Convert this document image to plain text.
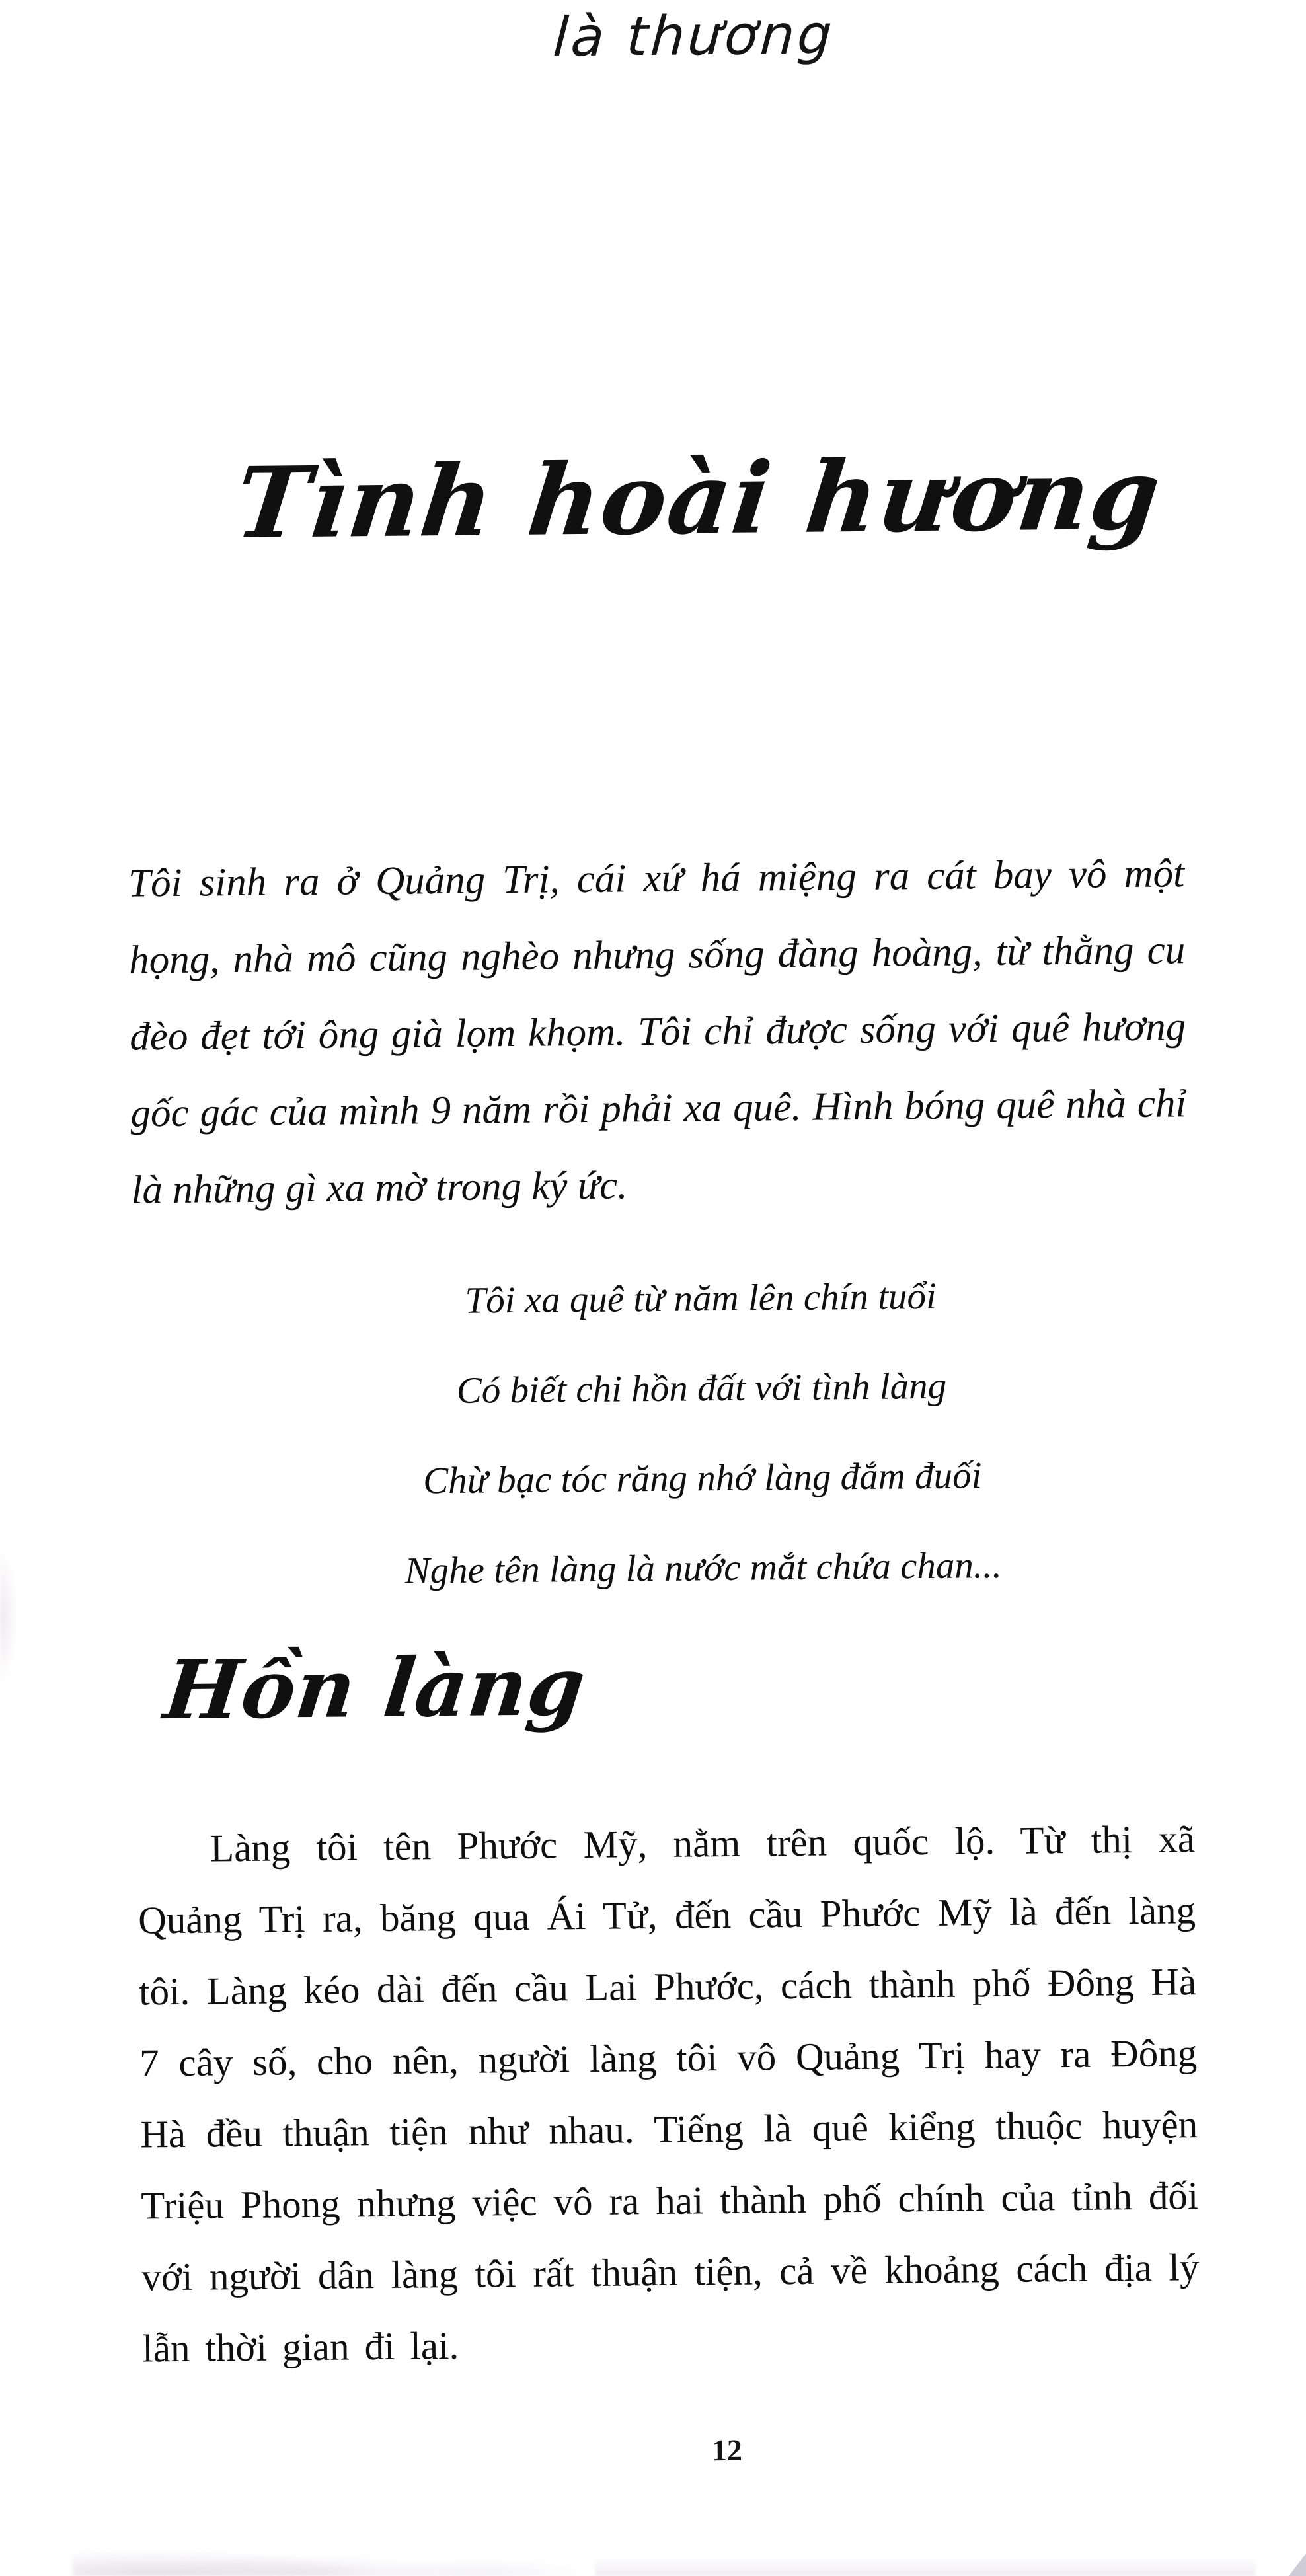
là thương
Tình hoài hương

Tôi sinh ra ở Quảng Trị, cái xứ há miệng ra cát bay vô một họng, nhà mô cũng nghèo nhưng sống đàng hoàng, từ thằng cu đèo đẹt tới ông già lọm khọm. Tôi chỉ được sống với quê hương gốc gác của mình 9 năm rồi phải xa quê. Hình bóng quê nhà chỉ là những gì xa mờ trong ký ức.

Tôi xa quê từ năm lên chín tuổi
Có biết chi hồn đất với tình làng
Chừ bạc tóc răng nhớ làng đắm đuối
Nghe tên làng là nước mắt chứa chan...
Hồn làng

Làng tôi tên Phước Mỹ, nằm trên quốc lộ. Từ thị xã Quảng Trị ra, băng qua Ái Tử, đến cầu Phước Mỹ là đến làng tôi. Làng kéo dài đến cầu Lai Phước, cách thành phố Đông Hà 7 cây số, cho nên, người làng tôi vô Quảng Trị hay ra Đông Hà đều thuận tiện như nhau. Tiếng là quê kiểng thuộc huyện Triệu Phong nhưng việc vô ra hai thành phố chính của tỉnh đối với người dân làng tôi rất thuận tiện, cả về khoảng cách địa lý lẫn thời gian đi lại.

12
